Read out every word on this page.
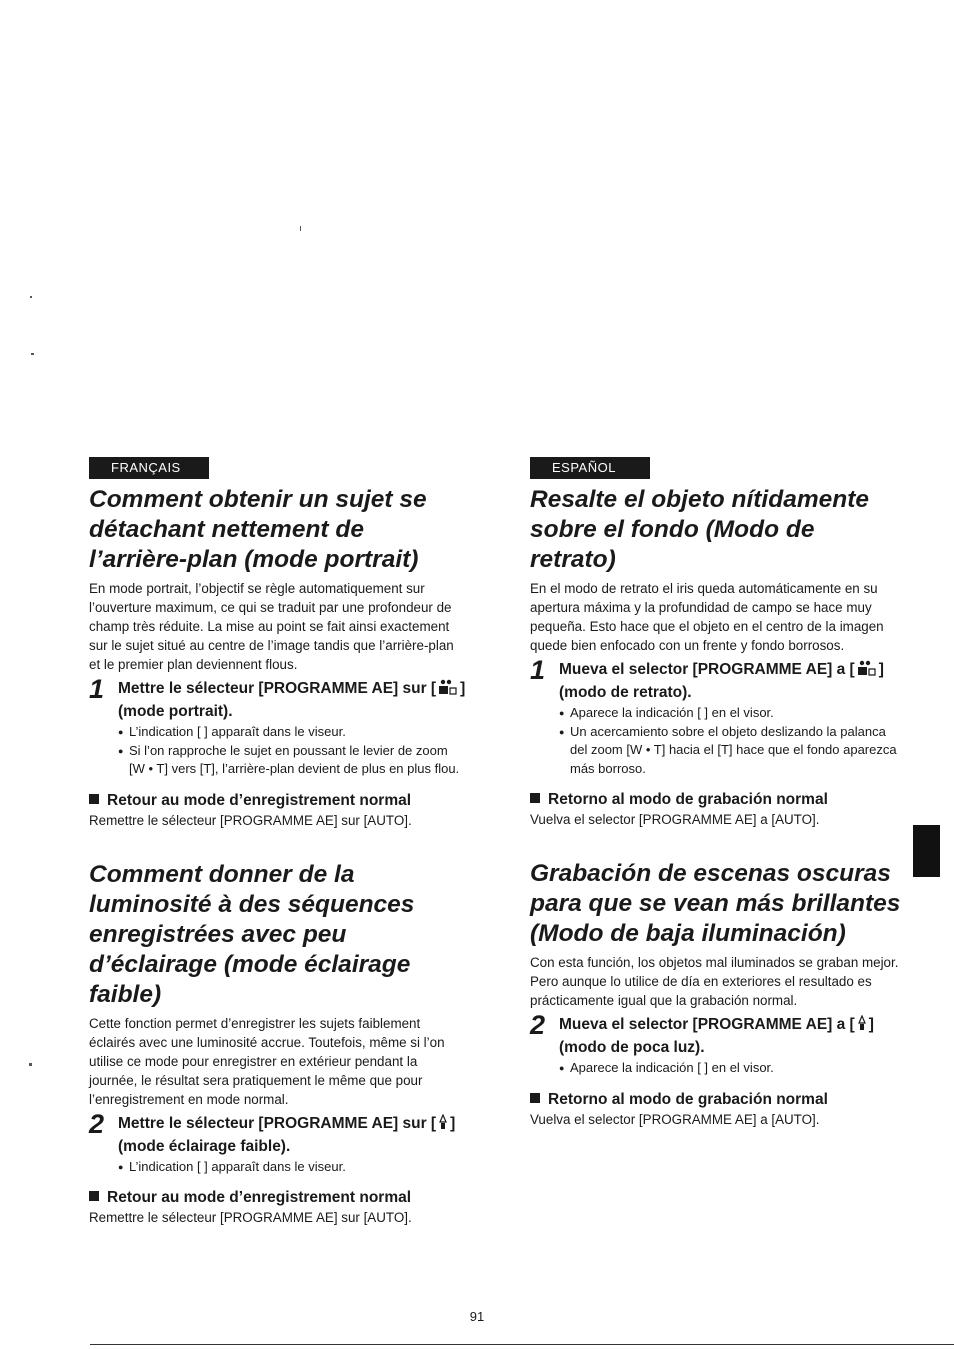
FRANÇAIS
Comment obtenir un sujet se détachant nettement de l’arrière-plan (mode portrait)

En mode portrait, l’objectif se règle automatiquement sur l’ouverture maximum, ce qui se traduit par une profondeur de champ très réduite. La mise au point se fait ainsi exactement sur le sujet situé au centre de l’image tandis que l’arrière-plan et le premier plan deviennent flous.

1 Mettre le sélecteur [PROGRAMME AE] sur [ ] (mode portrait).
● L’indication [ ] apparaît dans le viseur.
● Si l’on rapproche le sujet en poussant le levier de zoom [W • T] vers [T], l’arrière-plan devient de plus en plus flou.
Retour au mode d’enregistrement normal

Remettre le sélecteur [PROGRAMME AE] sur [AUTO].

Comment donner de la luminosité à des séquences enregistrées avec peu d’éclairage (mode éclairage faible)

Cette fonction permet d’enregistrer les sujets faiblement éclairés avec une luminosité accrue. Toutefois, même si l’on utilise ce mode pour enregistrer en extérieur pendant la journée, le résultat sera pratiquement le même que pour l’enregistrement en mode normal.

2 Mettre le sélecteur [PROGRAMME AE] sur [ ] (mode éclairage faible).
● L’indication [ ] apparaît dans le viseur.
Retour au mode d’enregistrement normal

Remettre le sélecteur [PROGRAMME AE] sur [AUTO].

ESPAÑOL
Resalte el objeto nítidamente sobre el fondo (Modo de retrato)

En el modo de retrato el iris queda automáticamente en su apertura máxima y la profundidad de campo se hace muy pequeña. Esto hace que el objeto en el centro de la imagen quede bien enfocado con un frente y fondo borrosos.

1 Mueva el selector [PROGRAMME AE] a [ ] (modo de retrato).
● Aparece la indicación [ ] en el visor.
● Un acercamiento sobre el objeto deslizando la palanca del zoom [W • T] hacia el [T] hace que el fondo aparezca más borroso.
Retorno al modo de grabación normal

Vuelva el selector [PROGRAMME AE] a [AUTO].

Grabación de escenas oscuras para que se vean más brillantes (Modo de baja iluminación)

Con esta función, los objetos mal iluminados se graban mejor. Pero aunque lo utilice de día en exteriores el resultado es prácticamente igual que la grabación normal.

2 Mueva el selector [PROGRAMME AE] a [ ] (modo de poca luz).
● Aparece la indicación [ ] en el visor.
Retorno al modo de grabación normal

Vuelva el selector [PROGRAMME AE] a [AUTO].

91
